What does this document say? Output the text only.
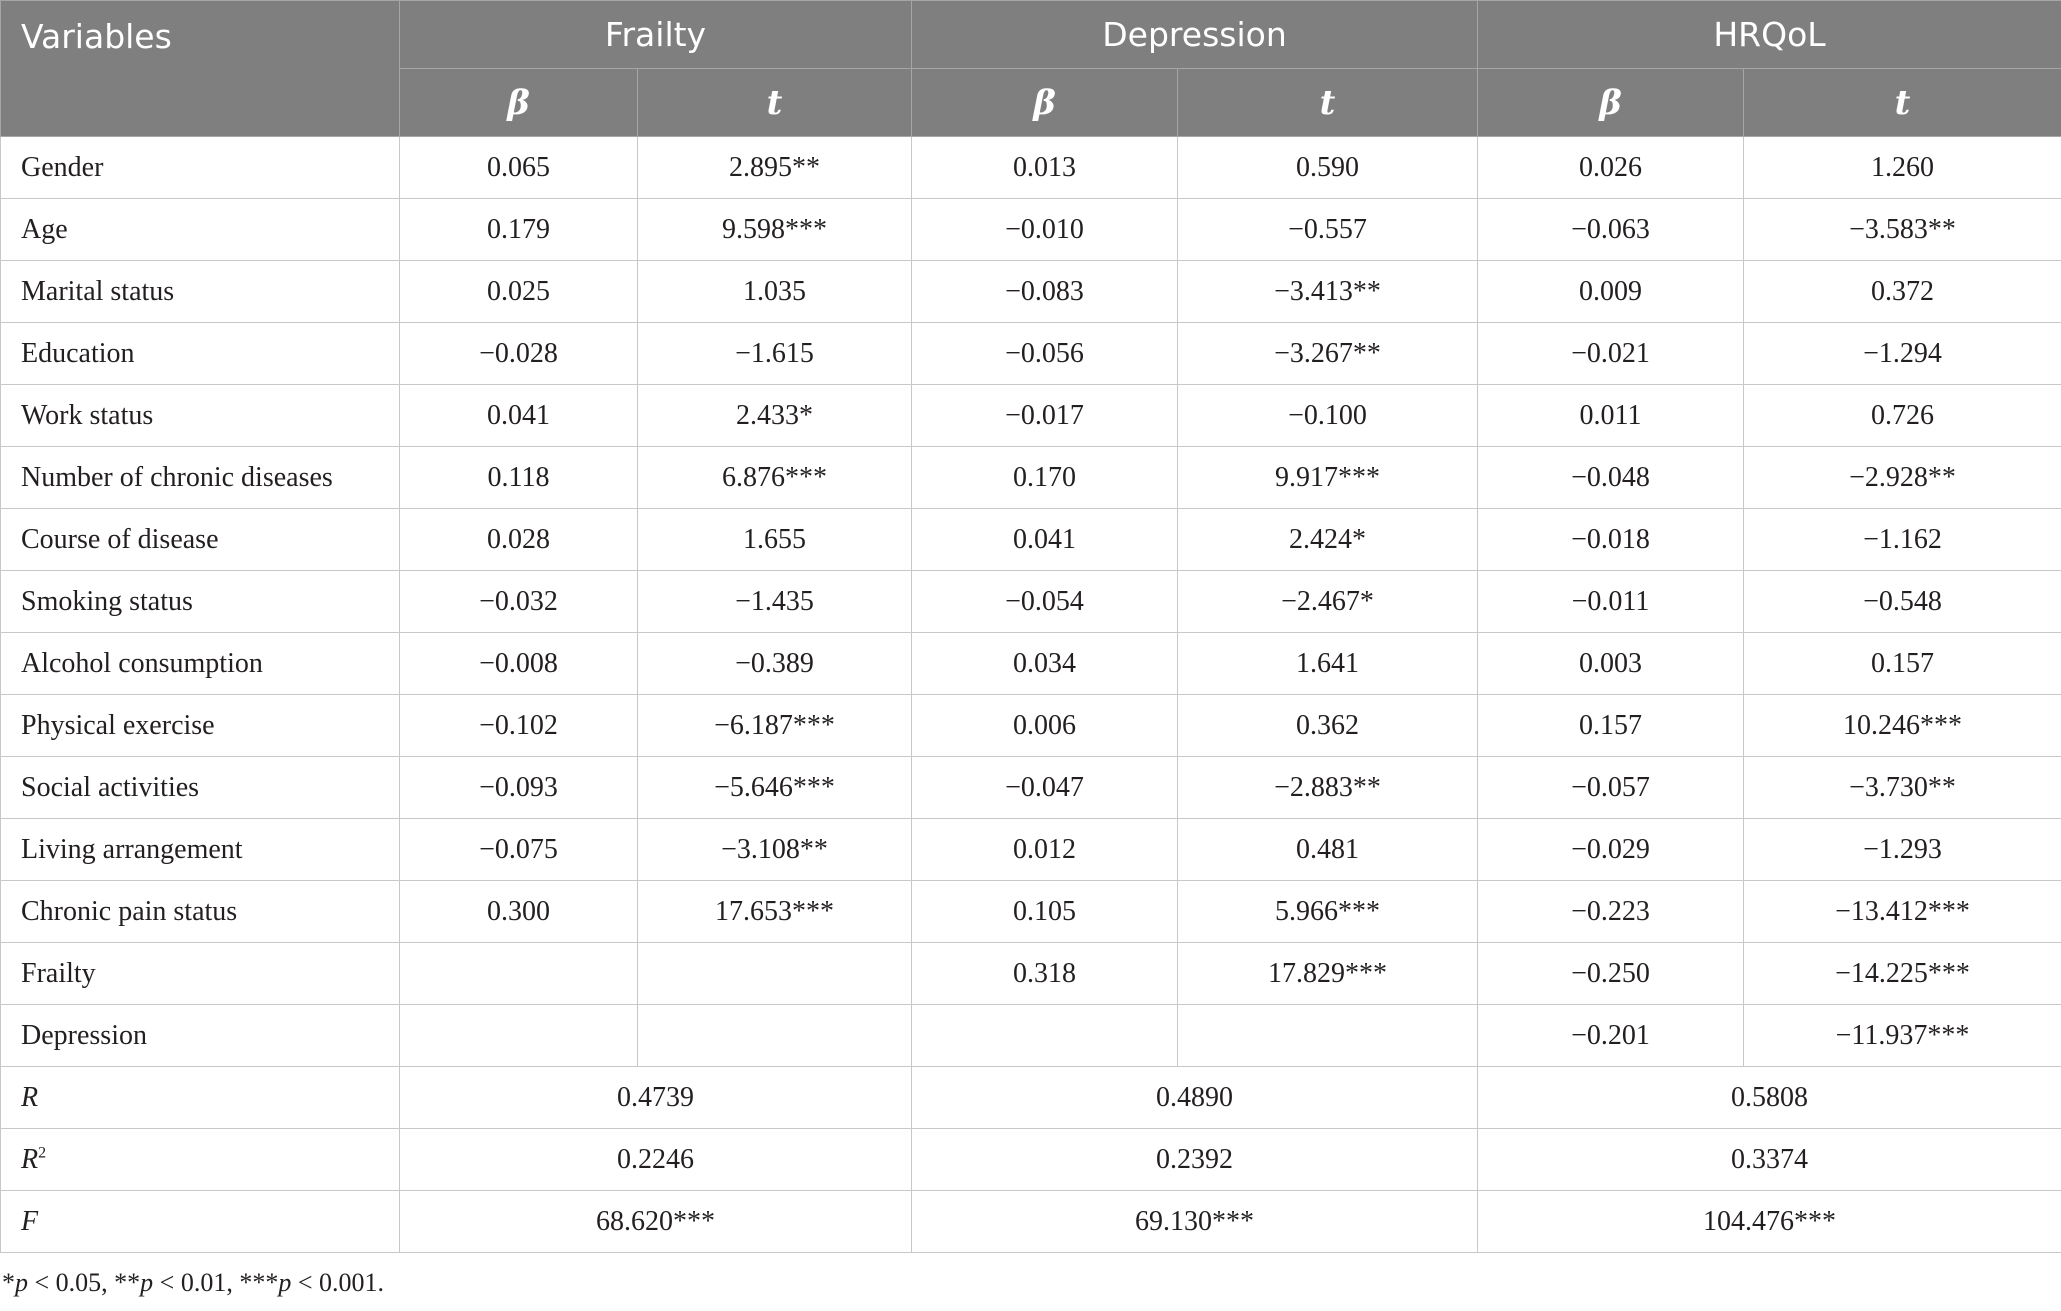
Variables	Frailty		Depression		HRQoL	
	β	t	β	t	β	t
Gender	0.065	2.895**	0.013	0.590	0.026	1.260
Age	0.179	9.598***	−0.010	−0.557	−0.063	−3.583**
Marital status	0.025	1.035	−0.083	−3.413**	0.009	0.372
Education	−0.028	−1.615	−0.056	−3.267**	−0.021	−1.294
Work status	0.041	2.433*	−0.017	−0.100	0.011	0.726
Number of chronic diseases	0.118	6.876***	0.170	9.917***	−0.048	−2.928**
Course of disease	0.028	1.655	0.041	2.424*	−0.018	−1.162
Smoking status	−0.032	−1.435	−0.054	−2.467*	−0.011	−0.548
Alcohol consumption	−0.008	−0.389	0.034	1.641	0.003	0.157
Physical exercise	−0.102	−6.187***	0.006	0.362	0.157	10.246***
Social activities	−0.093	−5.646***	−0.047	−2.883**	−0.057	−3.730**
Living arrangement	−0.075	−3.108**	0.012	0.481	−0.029	−1.293
Chronic pain status	0.300	17.653***	0.105	5.966***	−0.223	−13.412***
Frailty			0.318	17.829***	−0.250	−14.225***
Depression					−0.201	−11.937***
R	0.4739		0.4890		0.5808	
$R^2$	0.2246		0.2392		0.3374	
F	68.620***		69.130***		104.476***	
*p < 0.05, **p < 0.01, ***p < 0.001.
